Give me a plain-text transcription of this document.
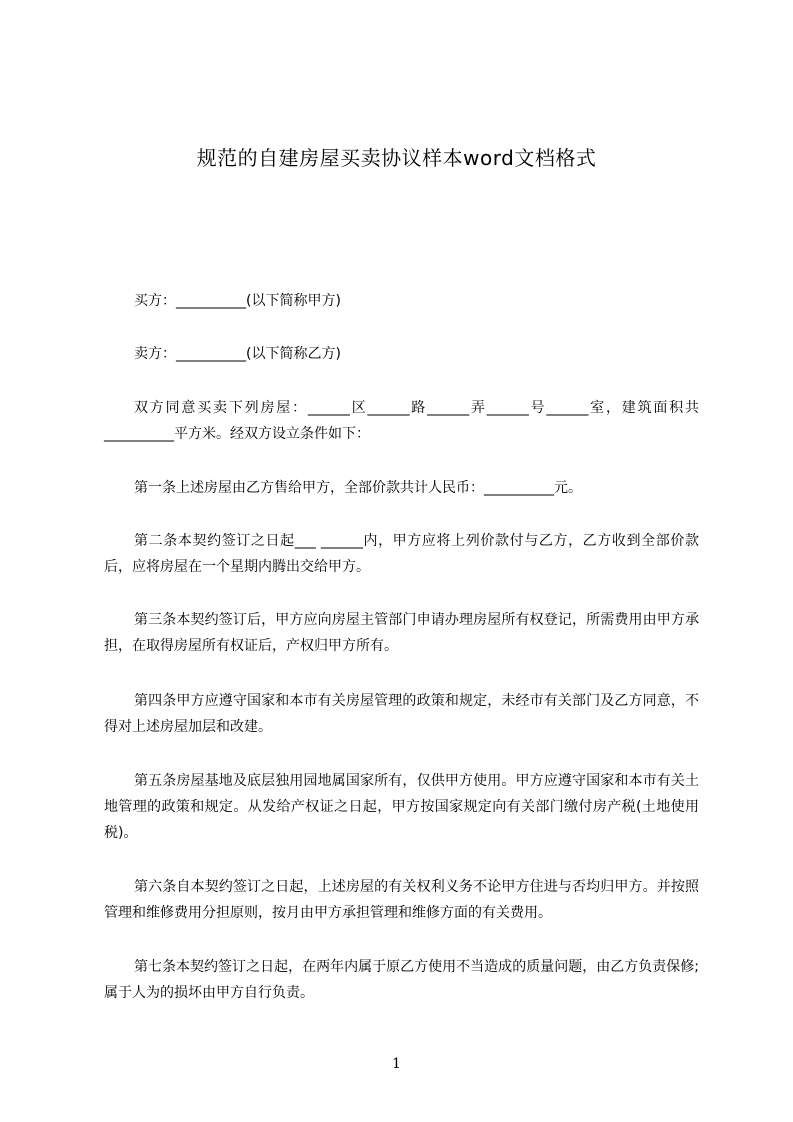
规范的自建房屋买卖协议样本word文档格式
买方：__________(以下简称甲方)
卖方：__________(以下简称乙方)
双方同意买卖下列房屋：______区______路______弄______号______室，建筑面积共__________平方米。经双方设立条件如下：
第一条上述房屋由乙方售给甲方，全部价款共计人民币：__________元。
第二条本契约签订之日起___ ______内，甲方应将上列价款付与乙方，乙方收到全部价款后，应将房屋在一个星期内腾出交给甲方。
第三条本契约签订后，甲方应向房屋主管部门申请办理房屋所有权登记，所需费用由甲方承担，在取得房屋所有权证后，产权归甲方所有。
第四条甲方应遵守国家和本市有关房屋管理的政策和规定，未经市有关部门及乙方同意，不得对上述房屋加层和改建。
第五条房屋基地及底层独用园地属国家所有，仅供甲方使用。甲方应遵守国家和本市有关土地管理的政策和规定。从发给产权证之日起，甲方按国家规定向有关部门缴付房产税(土地使用税)。
第六条自本契约签订之日起，上述房屋的有关权利义务不论甲方住进与否均归甲方。并按照管理和维修费用分担原则，按月由甲方承担管理和维修方面的有关费用。
第七条本契约签订之日起，在两年内属于原乙方使用不当造成的质量问题，由乙方负责保修;属于人为的损坏由甲方自行负责。
1
